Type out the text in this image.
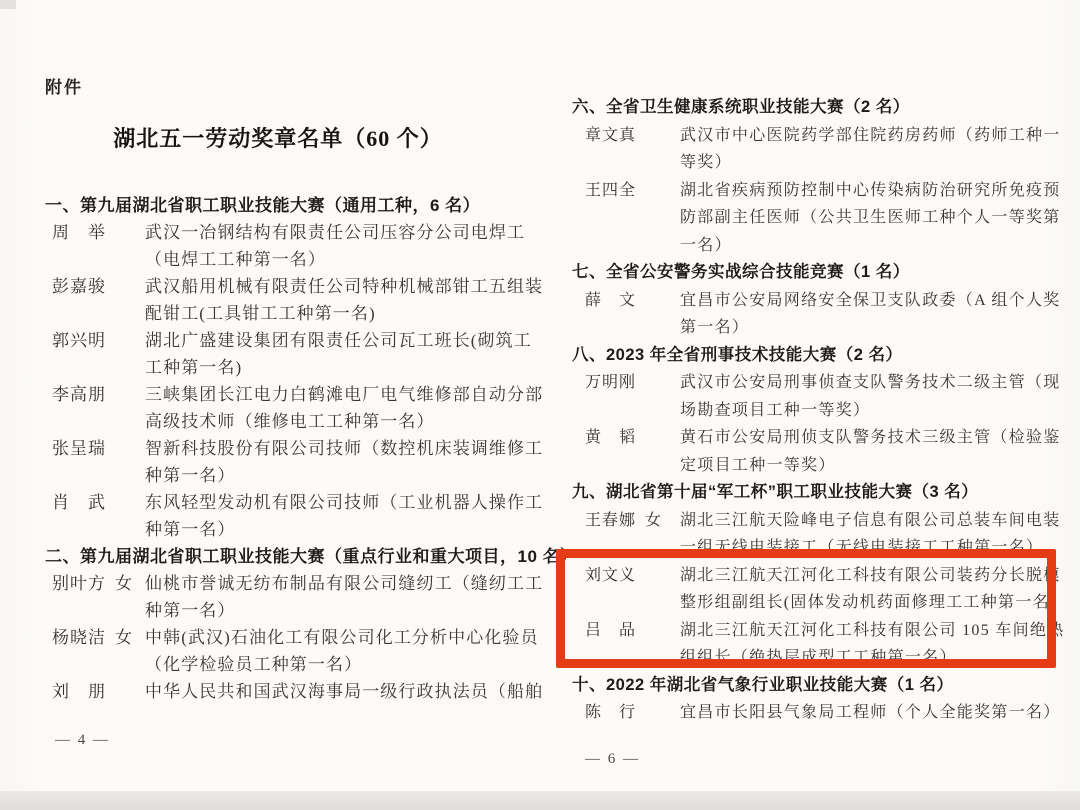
附件
湖北五一劳动奖章名单（60 个）
一、第九届湖北省职工职业技能大赛（通用工种，6 名）
周　举	武汉一冶钢结构有限责任公司压容分公司电焊工
（电焊工工种第一名）
彭嘉骏	武汉船用机械有限责任公司特种机械部钳工五组装
配钳工(工具钳工工种第一名)
郭兴明	湖北广盛建设集团有限责任公司瓦工班长(砌筑工
工种第一名)
李高朋	三峡集团长江电力白鹤滩电厂电气维修部自动分部
高级技术师（维修电工工种第一名）
张呈瑞	智新科技股份有限公司技师（数控机床装调维修工
种第一名）
肖　武	东风轻型发动机有限公司技师（工业机器人操作工
种第一名）
二、第九届湖北省职工职业技能大赛（重点行业和重大项目，10 名）
别叶方 女 仙桃市誉诚无纺布制品有限公司缝纫工（缝纫工工
种第一名）
杨晓洁 女 中韩(武汉)石油化工有限公司化工分析中心化验员
（化学检验员工种第一名）
刘　朋	中华人民共和国武汉海事局一级行政执法员（船舶
六、全省卫生健康系统职业技能大赛（2 名）
章文真	武汉市中心医院药学部住院药房药师（药师工种一
等奖）
王四全	湖北省疾病预防控制中心传染病防治研究所免疫预
防部副主任医师（公共卫生医师工种个人一等奖第
一名）
七、全省公安警务实战综合技能竞赛（1 名）
薛　文	宜昌市公安局网络安全保卫支队政委（A 组个人奖
第一名）
八、2023 年全省刑事技术技能大赛（2 名）
万明刚	武汉市公安局刑事侦查支队警务技术二级主管（现
场勘查项目工种一等奖）
黄　韬	黄石市公安局刑侦支队警务技术三级主管（检验鉴
定项目工种一等奖）
九、湖北省第十届“军工杯”职工职业技能大赛（3 名）
王春娜 女	湖北三江航天险峰电子信息有限公司总装车间电装
一组无线电装接工（无线电装接工工种第一名）
刘文义	湖北三江航天江河化工科技有限公司装药分长脱模
整形组副组长(固体发动机药面修理工工种第一名)
吕　品	湖北三江航天江河化工科技有限公司 105 车间绝热
组组长（绝热层成型工工种第一名）
十、2022 年湖北省气象行业职业技能大赛（1 名）
陈　行	宜昌市长阳县气象局工程师（个人全能奖第一名）
— 4 —
— 6 —
